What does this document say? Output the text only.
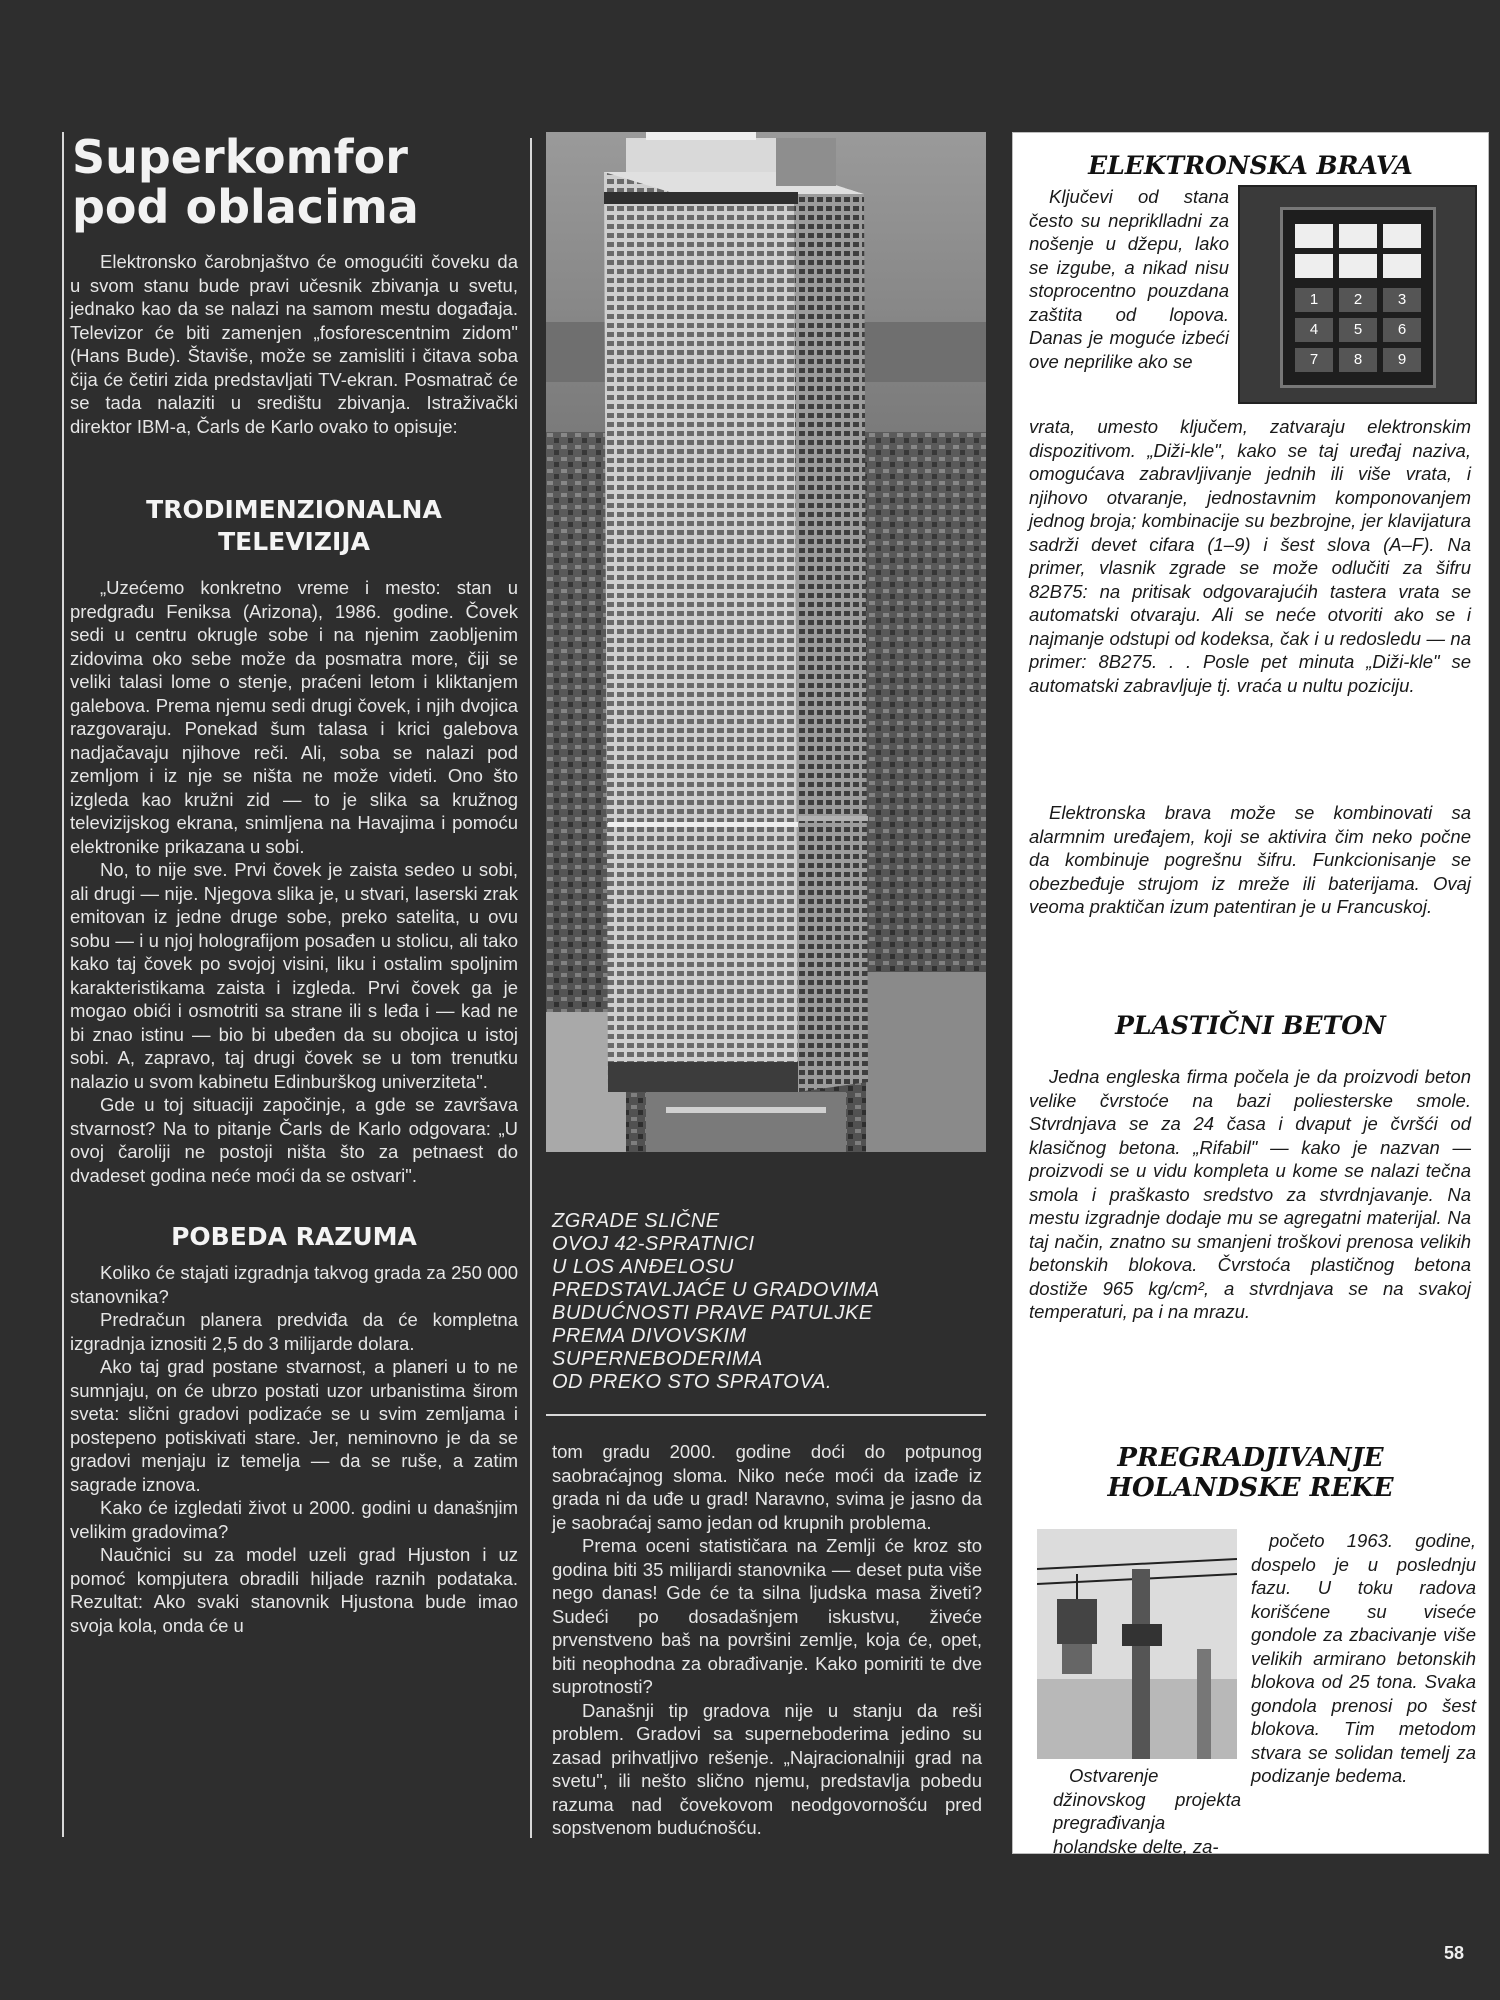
Superkomfor pod oblacima

Elektronsko čarobnjaštvo će omogućiti čoveku da u svom stanu bude pravi učesnik zbivanja u svetu, jednako kao da se nalazi na samom mestu događaja. Televizor će biti zamenjen „fosforescentnim zidom" (Hans Bude). Štaviše, može se zamisliti i čitava soba čija će četiri zida predstavljati TV-ekran. Posmatrač će se tada nalaziti u središtu zbivanja. Istraživački direktor IBM-a, Čarls de Karlo ovako to opisuje:

TRODIMENZIONALNA

TELEVIZIJA

„Uzećemo konkretno vreme i mesto: stan u predgrađu Feniksa (Arizona), 1986. godine. Čovek sedi u centru okrugle sobe i na njenim zaobljenim zidovima oko sebe može da posmatra more, čiji se veliki talasi lome o stenje, praćeni letom i kliktanjem galebova. Prema njemu sedi drugi čovek, i njih dvojica razgovaraju. Ponekad šum talasa i krici galebova nadjačavaju njihove reči. Ali, soba se nalazi pod zemljom i iz nje se ništa ne može videti. Ono što izgleda kao kružni zid — to je slika sa kružnog televizijskog ekrana, snimljena na Havajima i pomoću elektronike prikazana u sobi.

No, to nije sve. Prvi čovek je zaista sedeo u sobi, ali drugi — nije. Njegova slika je, u stvari, laserski zrak emitovan iz jedne druge sobe, preko satelita, u ovu sobu — i u njoj holografijom posađen u stolicu, ali tako kako taj čovek po svojoj visini, liku i ostalim spoljnim karakteristikama zaista i izgleda. Prvi čovek ga je mogao obići i osmotriti sa strane ili s leđa i — kad ne bi znao istinu — bio bi ubeđen da su obojica u istoj sobi. A, zapravo, taj drugi čovek se u tom trenutku nalazio u svom kabinetu Edinburškog univerziteta".

Gde u toj situaciji započinje, a gde se završava stvarnost? Na to pitanje Čarls de Karlo odgovara: „U ovoj čaroliji ne postoji ništa što za petnaest do dvadeset godina neće moći da se ostvari".

POBEDA RAZUMA

Koliko će stajati izgradnja takvog grada za 250 000 stanovnika?

Predračun planera predviđa da će kompletna izgradnja iznositi 2,5 do 3 milijarde dolara.

Ako taj grad postane stvarnost, a planeri u to ne sumnjaju, on će ubrzo postati uzor urbanistima širom sveta: slični gradovi podizaće se u svim zemljama i postepeno potiskivati stare. Jer, neminovno je da se gradovi menjaju iz temelja — da se ruše, a zatim sagrade iznova.

Kako će izgledati život u 2000. godini u današnjim velikim gradovima?

Naučnici su za model uzeli grad Hjuston i uz pomoć kompjutera obradili hiljade raznih podataka. Rezultat: Ako svaki stanovnik Hjustona bude imao svoja kola, onda će u

ZGRADE SLIČNE
OVOJ 42-SPRATNICI
U LOS ANĐELOSU
PREDSTAVLJAĆE U GRADOVIMA
BUDUĆNOSTI PRAVE PATULJKE
PREMA DIVOVSKIM
SUPERNEBODERIMA
OD PREKO STO SPRATOVA.

tom gradu 2000. godine doći do potpunog saobraćajnog sloma. Niko neće moći da izađe iz grada ni da uđe u grad! Naravno, svima je jasno da je saobraćaj samo jedan od krupnih problema.

Prema oceni statističara na Zemlji će kroz sto godina biti 35 milijardi stanovnika — deset puta više nego danas! Gde će ta silna ljudska masa živeti? Sudeći po dosadašnjem iskustvu, živeće prvenstveno baš na površini zemlje, koja će, opet, biti neophodna za obrađivanje. Kako pomiriti te dve suprotnosti?

Današnji tip gradova nije u stanju da reši problem. Gradovi sa superneboderima jedino su zasad prihvatljivo rešenje. „Najracionalniji grad na svetu", ili nešto slično njemu, predstavlja pobedu razuma nad čovekovom neodgovornošću pred sopstvenom budućnošću.

ELEKTRONSKA BRAVA

1	2	3
4	5	6
7	8	9

Ključevi od stana često su nepriklladni za nošenje u džepu, lako se izgube, a nikad nisu stoprocentno pouzdana zaštita od lopova. Danas je moguće izbeći ove neprilike ako se

vrata, umesto ključem, zatvaraju elektronskim dispozitivom. „Diži-kle", kako se taj uređaj naziva, omogućava zabravljivanje jednih ili više vrata, i njihovo otvaranje, jednostavnim komponovanjem jednog broja; kombinacije su bezbrojne, jer klavijatura sadrži devet cifara (1–9) i šest slova (A–F). Na primer, vlasnik zgrade se može odlučiti za šifru 82B75: na pritisak odgovarajućih tastera vrata se automatski otvaraju. Ali se neće otvoriti ako se i najmanje odstupi od kodeksa, čak i u redosledu — na primer: 8B275. . . Posle pet minuta „Diži-kle" se automatski zabravljuje tj. vraća u nultu poziciju.

Elektronska brava može se kombinovati sa alarmnim uređajem, koji se aktivira čim neko počne da kombinuje pogrešnu šifru. Funkcionisanje se obezbeđuje strujom iz mreže ili baterijama. Ovaj veoma praktičan izum patentiran je u Francuskoj.

PLASTIČNI BETON

Jedna engleska firma počela je da proizvodi beton velike čvrstoće na bazi poliesterske smole. Stvrdnjava se za 24 časa i dvaput je čvršći od klasičnog betona. „Rifabil" — kako je nazvan — proizvodi se u vidu kompleta u kome se nalazi tečna smola i praškasto sredstvo za stvrdnjavanje. Na mestu izgradnje dodaje mu se agregatni materijal. Na taj način, znatno su smanjeni troškovi prenosa velikih betonskih blokova. Čvrstoća plastičnog betona dostiže 965 kg/cm², a stvrdnjava se na svakoj temperaturi, pa i na mrazu.

PREGRADJIVANJE

HOLANDSKE REKE

Ostvarenje džinovskog projekta pregrađivanja holandske delte, za-

početo 1963. godine, dospelo je u poslednju fazu. U toku radova korišćene su viseće gondole za zbacivanje više velikih armirano betonskih blokova od 25 tona. Svaka gondola prenosi po šest blokova. Tim metodom stvara se solidan temelj za podizanje bedema.

58
